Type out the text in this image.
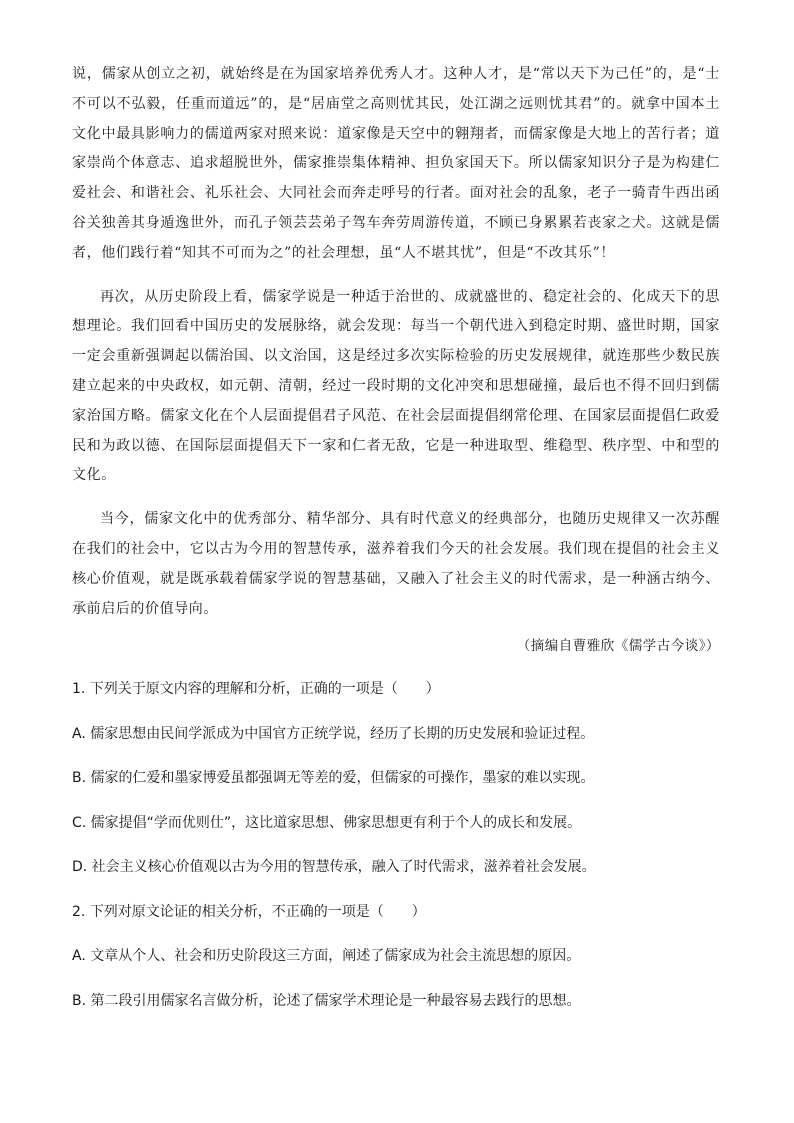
说，儒家从创立之初，就始终是在为国家培养优秀人才。这种人才，是“常以天下为己任”的，是“士不可以不弘毅，任重而道远”的，是“居庙堂之高则忧其民，处江湖之远则忧其君”的。就拿中国本土文化中最具影响力的儒道两家对照来说：道家像是天空中的翱翔者，而儒家像是大地上的苦行者；道家崇尚个体意志、追求超脱世外，儒家推崇集体精神、担负家国天下。所以儒家知识分子是为构建仁爱社会、和谐社会、礼乐社会、大同社会而奔走呼号的行者。面对社会的乱象，老子一骑青牛西出函谷关独善其身遁逸世外，而孔子领芸芸弟子驾车奔劳周游传道，不顾已身累累若丧家之犬。这就是儒者，他们践行着“知其不可而为之”的社会理想，虽“人不堪其忧”，但是“不改其乐”！

再次，从历史阶段上看，儒家学说是一种适于治世的、成就盛世的、稳定社会的、化成天下的思想理论。我们回看中国历史的发展脉络，就会发现：每当一个朝代进入到稳定时期、盛世时期，国家一定会重新强调起以儒治国、以文治国，这是经过多次实际检验的历史发展规律，就连那些少数民族建立起来的中央政权，如元朝、清朝，经过一段时期的文化冲突和思想碰撞，最后也不得不回归到儒家治国方略。儒家文化在个人层面提倡君子风范、在社会层面提倡纲常伦理、在国家层面提倡仁政爱民和为政以德、在国际层面提倡天下一家和仁者无敌，它是一种进取型、维稳型、秩序型、中和型的文化。

当今，儒家文化中的优秀部分、精华部分、具有时代意义的经典部分，也随历史规律又一次苏醒在我们的社会中，它以古为今用的智慧传承，滋养着我们今天的社会发展。我们现在提倡的社会主义核心价值观，就是既承载着儒家学说的智慧基础，又融入了社会主义的时代需求，是一种涵古纳今、承前启后的价值导向。

（摘编自曹雅欣《儒学古今谈》）
1. 下列关于原文内容的理解和分析，正确的一项是（　　）
A. 儒家思想由民间学派成为中国官方正统学说，经历了长期的历史发展和验证过程。
B. 儒家的仁爱和墨家博爱虽都强调无等差的爱，但儒家的可操作，墨家的难以实现。
C. 儒家提倡“学而优则仕”，这比道家思想、佛家思想更有利于个人的成长和发展。
D. 社会主义核心价值观以古为今用的智慧传承，融入了时代需求，滋养着社会发展。
2. 下列对原文论证的相关分析，不正确的一项是（　　）
A. 文章从个人、社会和历史阶段这三方面，阐述了儒家成为社会主流思想的原因。
B. 第二段引用儒家名言做分析，论述了儒家学术理论是一种最容易去践行的思想。
